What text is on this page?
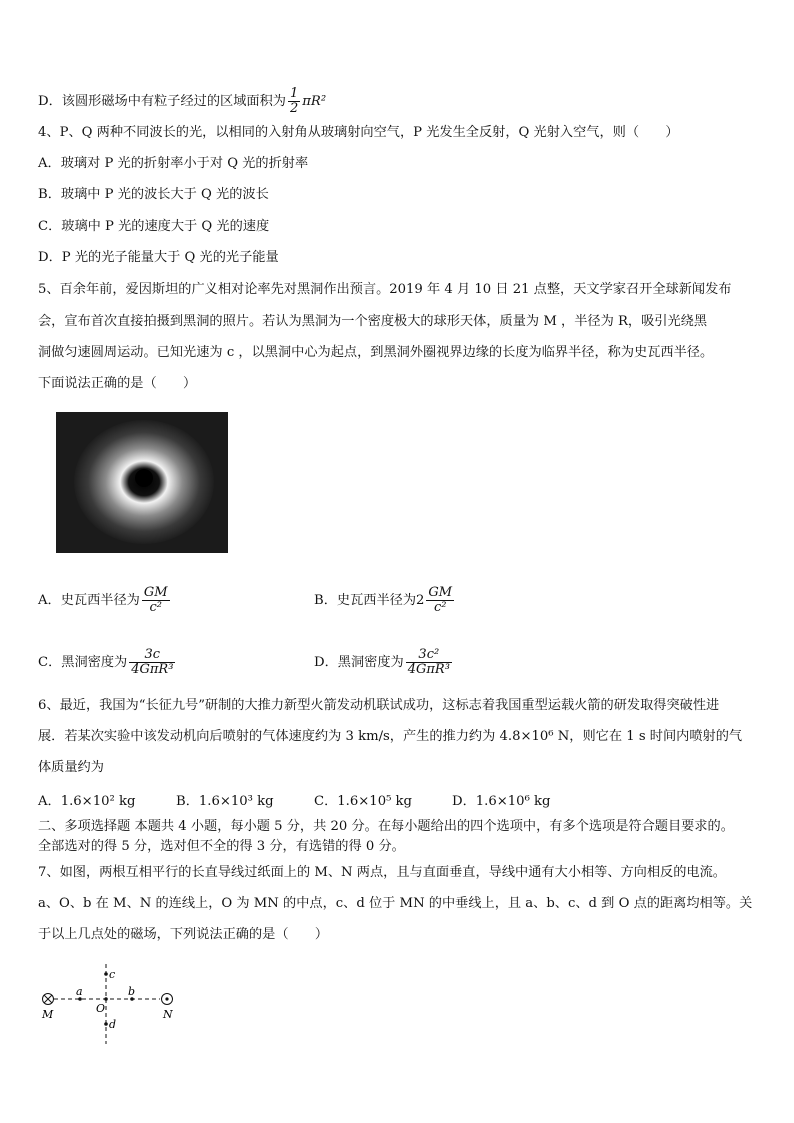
D．该圆形磁场中有粒子经过的区域面积为 $\frac{1}{2} \pi R^2$
4、P、Q 两种不同波长的光，以相同的入射角从玻璃射向空气，P 光发生全反射，Q 光射入空气，则（　　）
A．玻璃对 P 光的折射率小于对 Q 光的折射率
B．玻璃中 P 光的波长大于 Q 光的波长
C．玻璃中 P 光的速度大于 Q 光的速度
D．P 光的光子能量大于 Q 光的光子能量
5、百余年前，爱因斯坦的广义相对论率先对黑洞作出预言。2019 年 4 月 10 日 21 点整，天文学家召开全球新闻发布
会，宣布首次直接拍摄到黑洞的照片。若认为黑洞为一个密度极大的球形天体，质量为 M ，半径为 R，吸引光绕黑
洞做匀速圆周运动。已知光速为 c ，以黑洞中心为起点，到黑洞外圈视界边缘的长度为临界半径，称为史瓦西半径。
下面说法正确的是（　　）
A．史瓦西半径为 $\frac{GM}{\text{c²}}$	B．史瓦西半径为$2 \frac{GM}{\text{c²}}$
C．黑洞密度为 $\frac{3c}{\text{4GπR³}}$	D．黑洞密度为 $\frac{\text{3c²}}{\text{4GπR³}}$
6、最近，我国为“长征九号”研制的大推力新型火箭发动机联试成功，这标志着我国重型运载火箭的研发取得突破性进
展．若某次实验中该发动机向后喷射的气体速度约为 3 km/s，产生的推力约为 4.8×10⁶ N，则它在 1 s 时间内喷射的气
体质量约为
A．1.6×10² kg	B．1.6×10³ kg	C．1.6×10⁵ kg	D．1.6×10⁶ kg
二、多项选择题 本题共 4 小题，每小题 5 分，共 20 分。在每小题给出的四个选项中，有多个选项是符合题目要求的。
全部选对的得 5 分，选对但不全的得 3 分，有选错的得 0 分。
7、如图，两根互相平行的长直导线过纸面上的 M、N 两点，且与直面垂直，导线中通有大小相等、方向相反的电流。
a、O、b 在 M、N 的连线上，O 为 MN 的中点，c、d 位于 MN 的中垂线上，且 a、b、c、d 到 O 点的距离均相等。关
于以上几点处的磁场，下列说法正确的是（　　）
M	N
a
O
b
c
d
